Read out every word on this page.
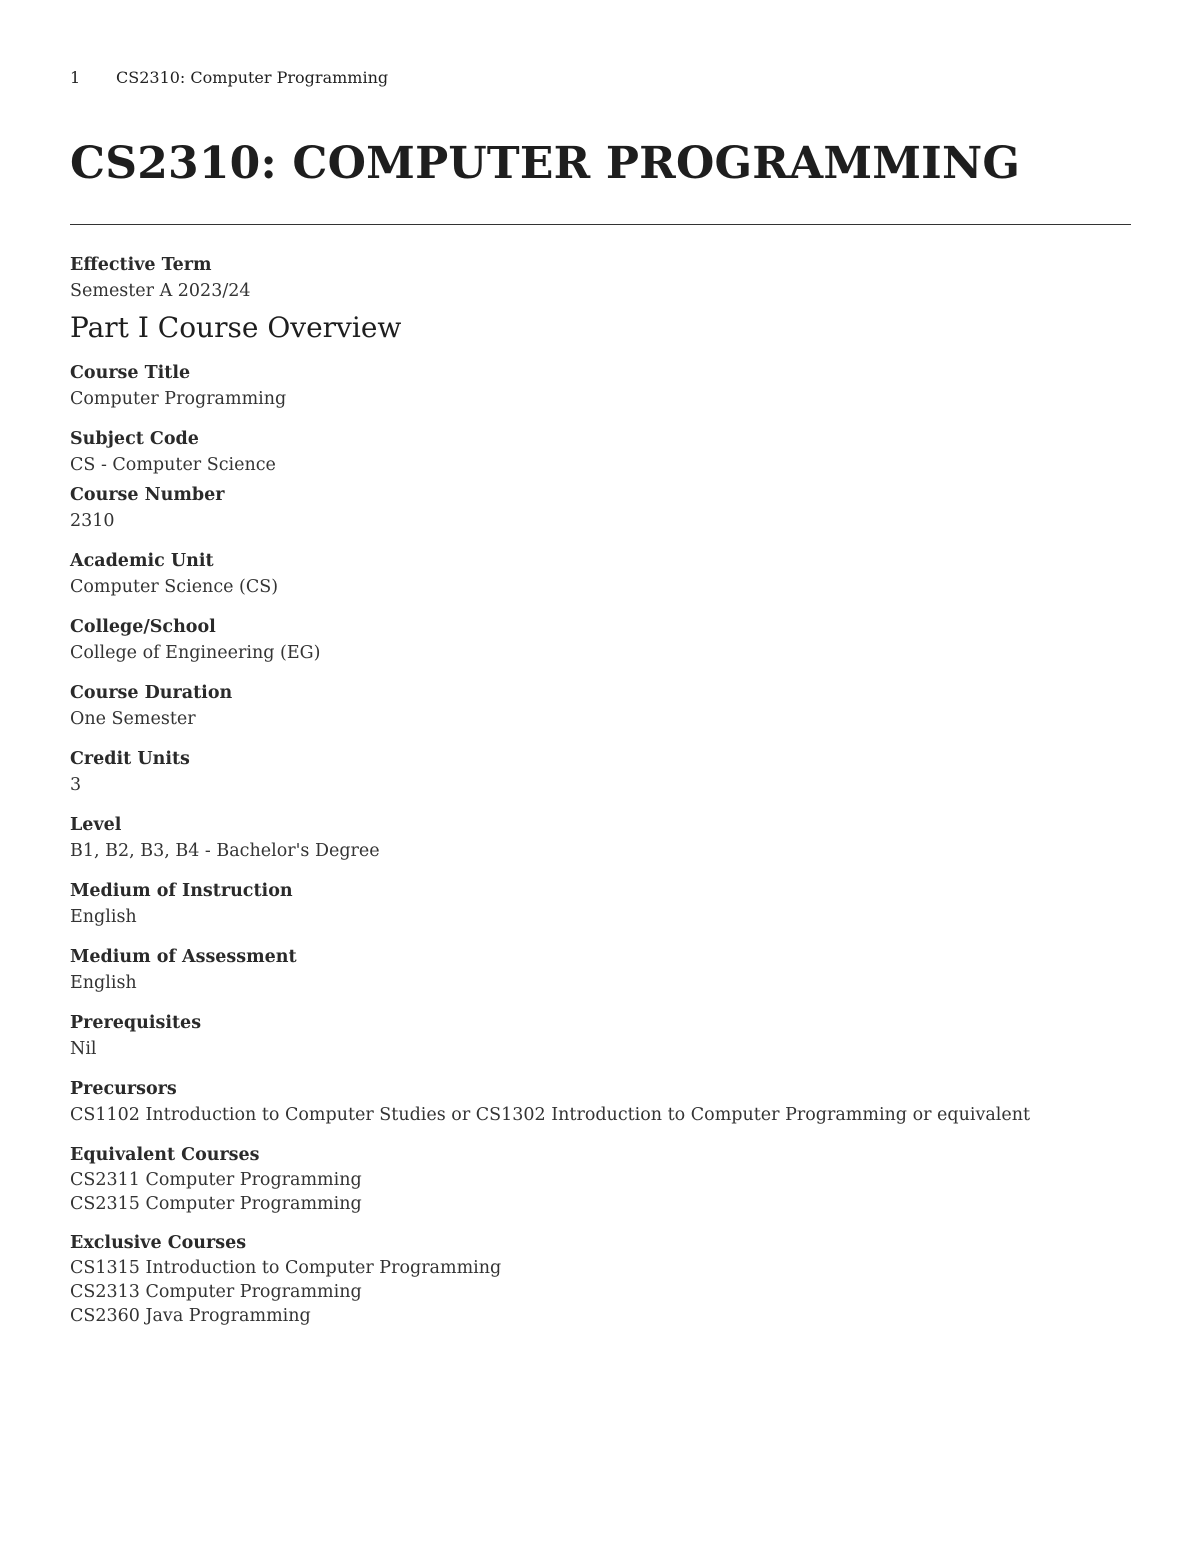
1 CS2310: Computer Programming
CS2310: COMPUTER PROGRAMMING
Effective Term
Semester A 2023/24
Part I Course Overview
Course Title
Computer Programming
Subject Code
CS - Computer Science
Course Number
2310
Academic Unit
Computer Science (CS)
College/School
College of Engineering (EG)
Course Duration
One Semester
Credit Units
3
Level
B1, B2, B3, B4 - Bachelor's Degree
Medium of Instruction
English
Medium of Assessment
English
Prerequisites
Nil
Precursors
CS1102 Introduction to Computer Studies or CS1302 Introduction to Computer Programming or equivalent
Equivalent Courses
CS2311 Computer Programming
CS2315 Computer Programming
Exclusive Courses
CS1315 Introduction to Computer Programming
CS2313 Computer Programming
CS2360 Java Programming
